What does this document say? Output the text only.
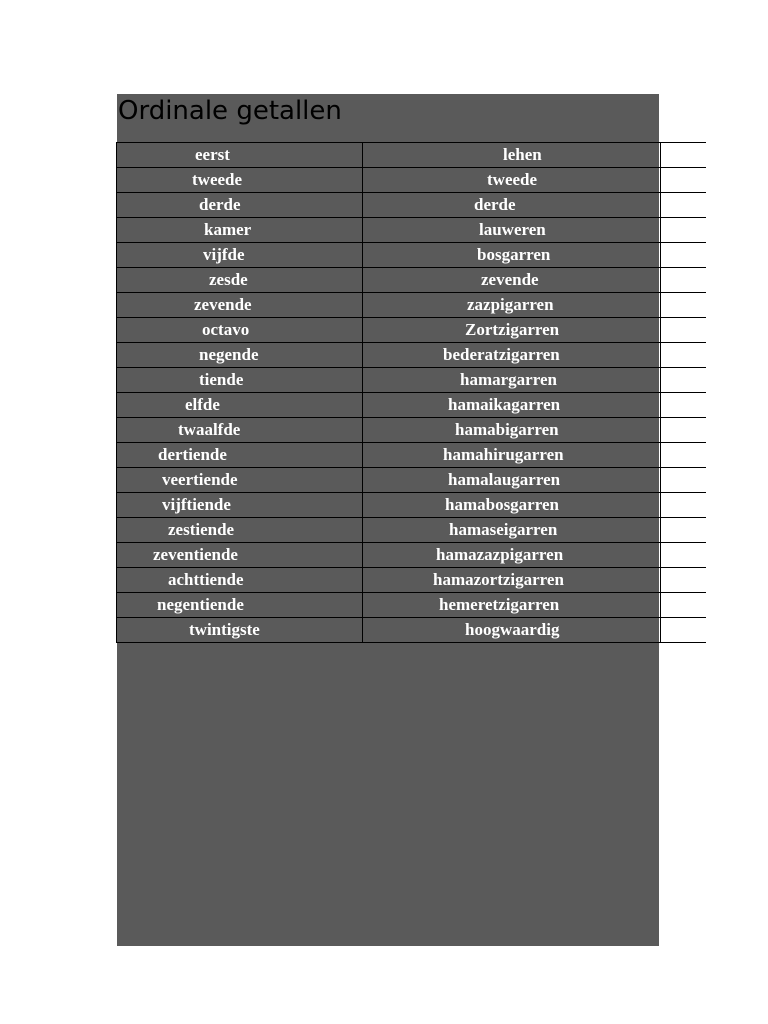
Ordinale getallen
eerst	lehen
tweede	tweede
derde	derde
kamer	lauweren
vijfde	bosgarren
zesde	zevende
zevende	zazpigarren
octavo	Zortzigarren
negende	bederatzigarren
tiende	hamargarren
elfde	hamaikagarren
twaalfde	hamabigarren
dertiende	hamahirugarren
veertiende	hamalaugarren
vijftiende	hamabosgarren
zestiende	hamaseigarren
zeventiende	hamazazpigarren
achttiende	hamazortzigarren
negentiende	hemeretzigarren
twintigste	hoogwaardig
